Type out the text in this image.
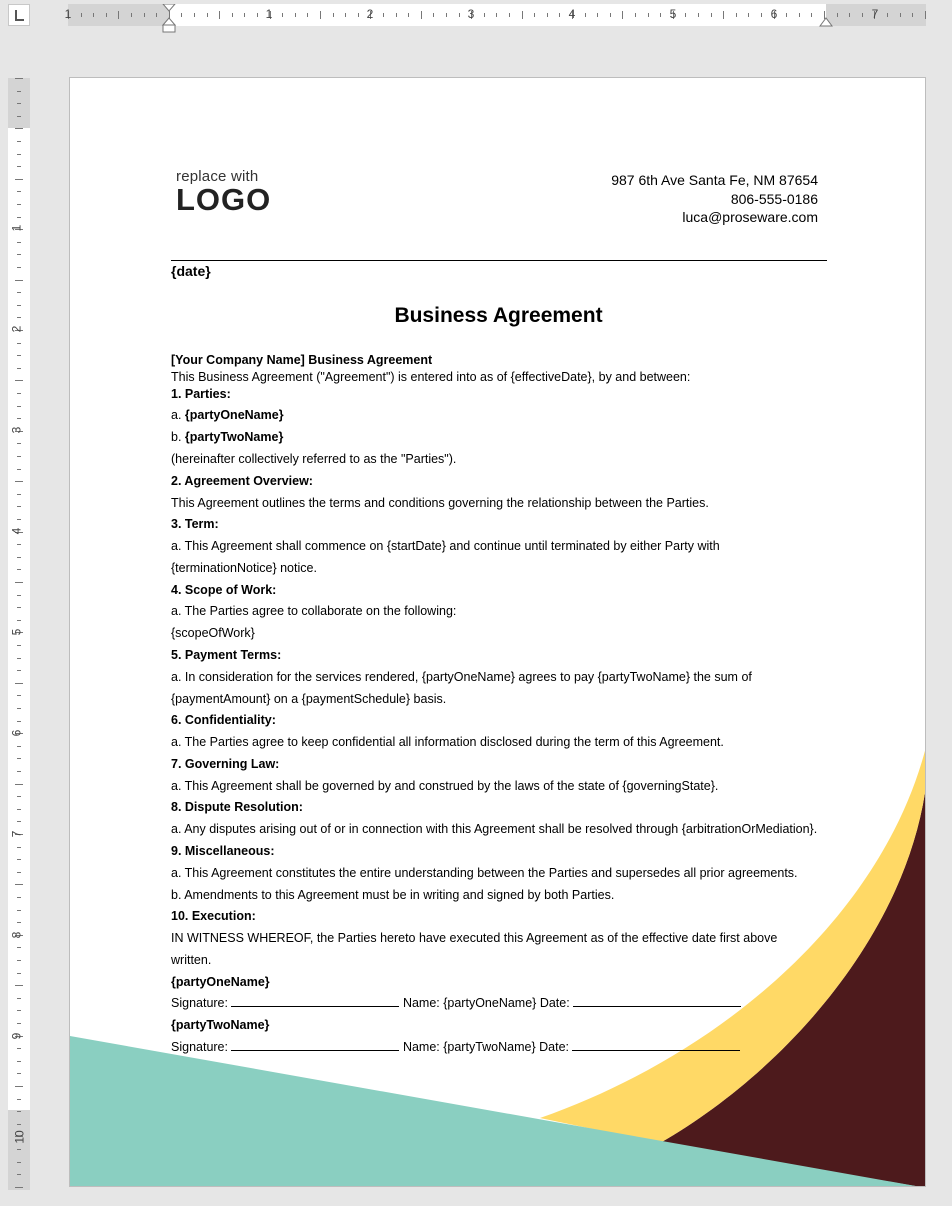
1	1	2	3	4	5	6	7
1
2
3
4
5
6
7
8
9
10
replace with
LOGO
987 6th Ave Santa Fe, NM 87654
806-555-0186
luca@proseware.com
{date}
Business Agreement
[Your Company Name] Business Agreement
This Business Agreement ("Agreement") is entered into as of {effectiveDate}, by and between:
1. Parties:
a. {partyOneName}
b. {partyTwoName}
(hereinafter collectively referred to as the "Parties").
2. Agreement Overview:
This Agreement outlines the terms and conditions governing the relationship between the Parties.
3. Term:
a. This Agreement shall commence on {startDate} and continue until terminated by either Party with
{terminationNotice} notice.
4. Scope of Work:
a. The Parties agree to collaborate on the following:
{scopeOfWork}
5. Payment Terms:
a. In consideration for the services rendered, {partyOneName} agrees to pay {partyTwoName} the sum of
{paymentAmount} on a {paymentSchedule} basis.
6. Confidentiality:
a. The Parties agree to keep confidential all information disclosed during the term of this Agreement.
7. Governing Law:
a. This Agreement shall be governed by and construed by the laws of the state of {governingState}.
8. Dispute Resolution:
a. Any disputes arising out of or in connection with this Agreement shall be resolved through {arbitrationOrMediation}.
9. Miscellaneous:
a. This Agreement constitutes the entire understanding between the Parties and supersedes all prior agreements.
b. Amendments to this Agreement must be in writing and signed by both Parties.
10. Execution:
IN WITNESS WHEREOF, the Parties hereto have executed this Agreement as of the effective date first above
written.
{partyOneName}
Signature:	Name: {partyOneName} Date:
{partyTwoName}
Signature:	Name: {partyTwoName} Date:
